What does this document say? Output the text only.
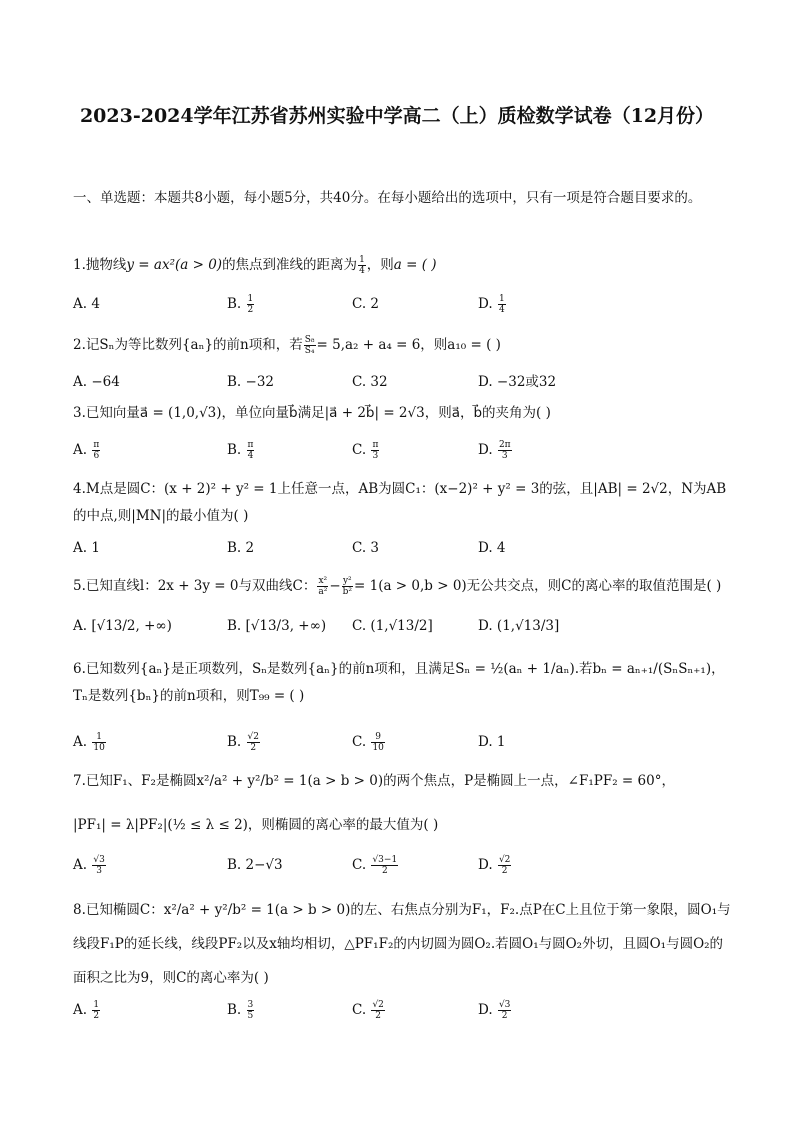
2023-2024学年江苏省苏州实验中学高二（上）质检数学试卷（12月份）
一、单选题：本题共8小题，每小题5分，共40分。在每小题给出的选项中，只有一项是符合题目要求的。
1.抛物线y = ax²(a > 0)的焦点到准线的距离为 $\frac{1}{4}$ ，则a = ( )
A. 4	B. $\frac{1}{2}$	C. 2	D. $\frac{1}{4}$
2.记Sₙ为等比数列{aₙ}的前n项和，若 $\frac{\text{S₈}}{\text{S₄}} = 5,a_2 + a_4 = 6$，则a₁₀ = ( )
A. −64	B. −32	C. 32	D. −32或32
3.已知向量a⃗ = (1,0,√3)，单位向量b⃗满足|a⃗ + 2b⃗| = 2√3，则a⃗，b⃗的夹角为( )
A. $\frac{\pi}{6}$	B. $\frac{\pi}{4}$	C. $\frac{\pi}{3}$	D. $\frac{2\pi}{3}$
4.M点是圆C：(x + 2)² + y² = 1上任意一点，AB为圆C₁：(x−2)² + y² = 3的弦，且|AB| = 2√2，N为AB的中点,则|MN|的最小值为( )
A. 1	B. 2	C. 3	D. 4
5.已知直线l：2x + 3y = 0与双曲线C： $\frac{\text{x²}}{\text{a²}} - \frac{\text{y²}}{\text{b²}} = 1(a > 0,b > 0)$无公共交点，则C的离心率的取值范围是( )
A. [√13/2, +∞)	B. [√13/3, +∞) C. (1,√13/2]	D. (1,√13/3]
6.已知数列{aₙ}是正项数列，Sₙ是数列{aₙ}的前n项和，且满足Sₙ = ½(aₙ + 1/aₙ).若bₙ = aₙ₊₁/(SₙSₙ₊₁)，Tₙ是数列{bₙ}的前n项和，则T₉₉ = ( )
A. $\frac{1}{10}$	B. $\frac{√2}{2}$	C. $\frac{9}{10}$	D. 1
7.已知F₁、F₂是椭圆x²/a² + y²/b² = 1(a > b > 0)的两个焦点，P是椭圆上一点，∠F₁PF₂ = 60°，
|PF₁| = λ|PF₂|(½ ≤ λ ≤ 2)，则椭圆的离心率的最大值为( )
A. $\frac{√3}{3}$	B. 2−√3	C. $\frac{√3-1}{2}$	D. $\frac{√2}{2}$
8.已知椭圆C：x²/a² + y²/b² = 1(a > b > 0)的左、右焦点分别为F₁，F₂.点P在C上且位于第一象限，圆O₁与线段F₁P的延长线，线段PF₂以及x轴均相切，△PF₁F₂的内切圆为圆O₂.若圆O₁与圆O₂外切，且圆O₁与圆O₂的面积之比为9，则C的离心率为( )
A. $\frac{1}{2}$	B. $\frac{3}{5}$	C. $\frac{√2}{2}$	D. $\frac{√3}{2}$
